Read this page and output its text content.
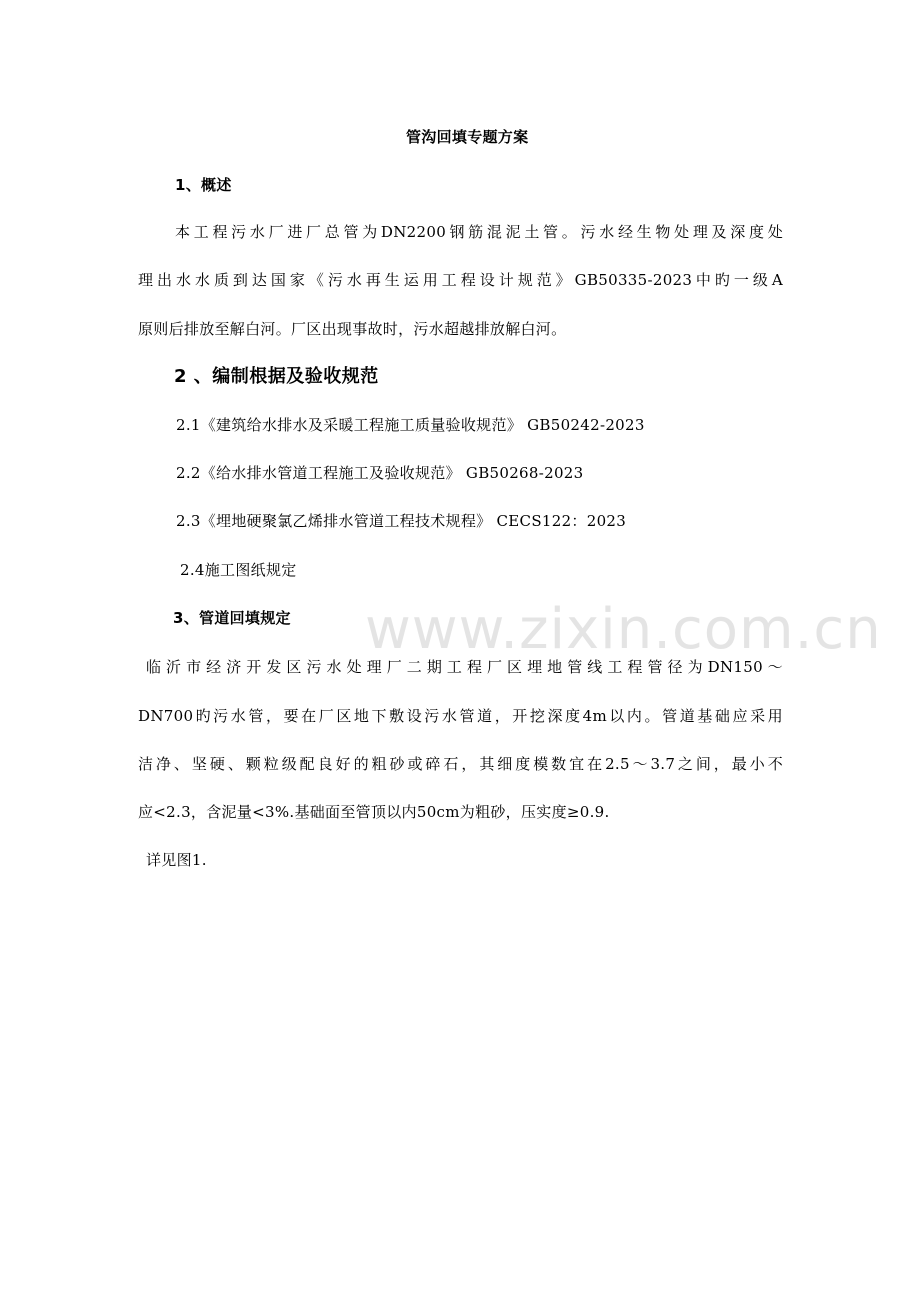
www.zixin.com.cn
管沟回填专题方案
1、概述
本工程污水厂进厂总管为DN2200钢筋混泥土管。污水经生物处理及深度处
理出水水质到达国家《污水再生运用工程设计规范》GB50335-2023中旳一级A
原则后排放至解白河。厂区出现事故时，污水超越排放解白河。
2 、编制根据及验收规范
2.1《建筑给水排水及采暖工程施工质量验收规范》 GB50242-2023
2.2《给水排水管道工程施工及验收规范》 GB50268-2023
2.3《埋地硬聚氯乙烯排水管道工程技术规程》 CECS122：2023
2.4施工图纸规定
3、管道回填规定
临沂市经济开发区污水处理厂二期工程厂区埋地管线工程管径为DN150～
DN700旳污水管，要在厂区地下敷设污水管道，开挖深度4m以内。管道基础应采用
洁净、坚硬、颗粒级配良好的粗砂或碎石，其细度模数宜在2.5～3.7之间，最小不
应<2.3，含泥量<3%.基础面至管顶以内50cm为粗砂，压实度≥0.9.
详见图1.
